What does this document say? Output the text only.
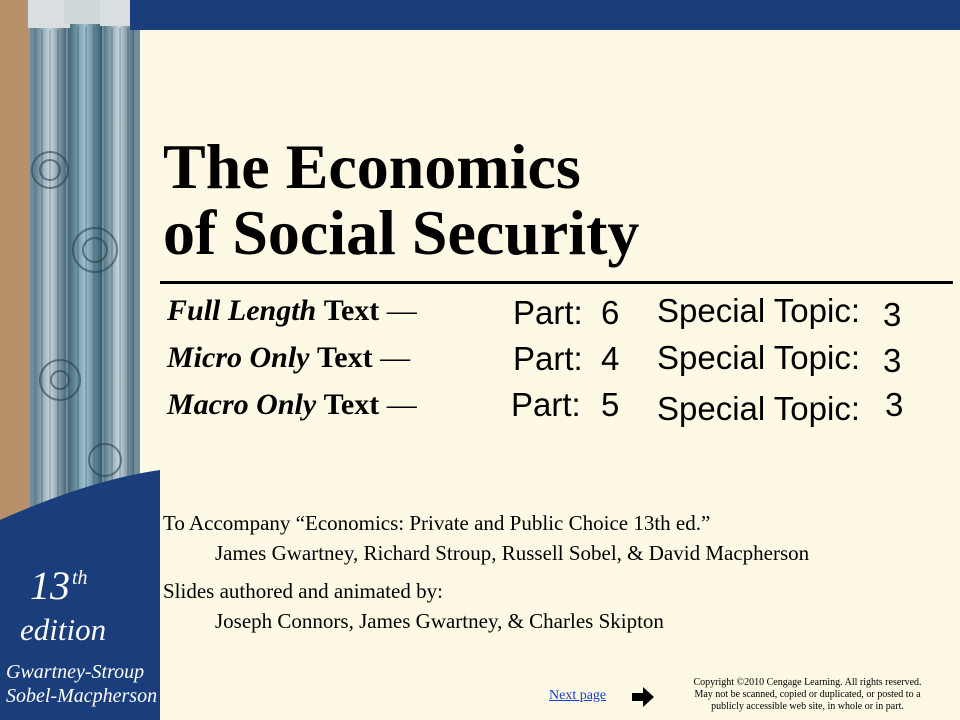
13 $^{th}$
edition
Gwartney-Stroup
Sobel-Macpherson
The Economics
of Social Security
Full Length Text —	Part: 6 Special Topic: 3
Micro Only Text —	Part: 4 Special Topic: 3
Macro Only Text —	Part: 5 Special Topic: 3
To Accompany “Economics: Private and Public Choice 13th ed.”
James Gwartney, Richard Stroup, Russell Sobel, & David Macpherson
Slides authored and animated by:
Joseph Connors, James Gwartney, & Charles Skipton
Next page
Copyright ©2010 Cengage Learning. All rights reserved.
May not be scanned, copied or duplicated, or posted to a
publicly accessible web site, in whole or in part.
